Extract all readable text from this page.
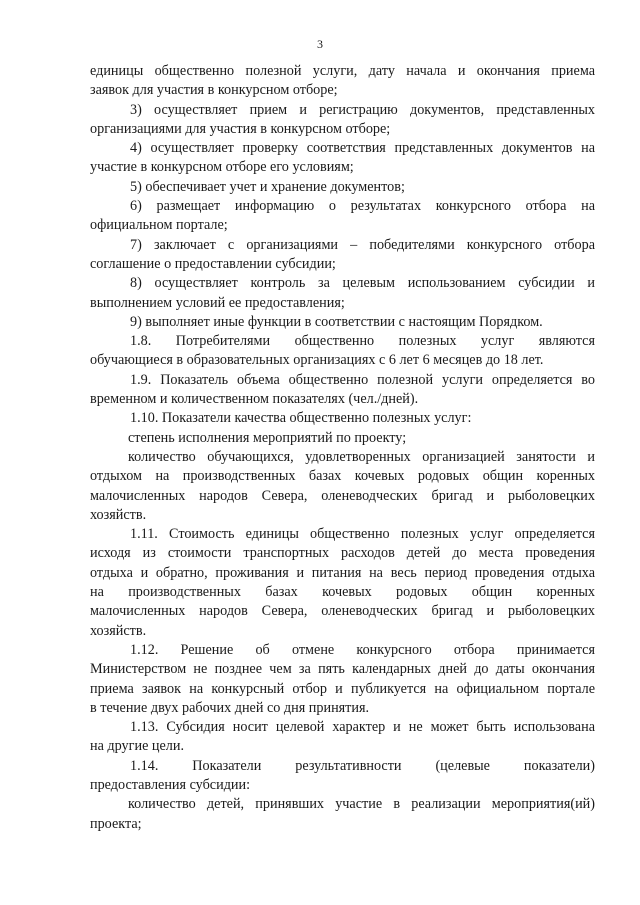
3
единицы общественно полезной услуги, дату начала и окончания приема
заявок для участия в конкурсном отборе;
3) осуществляет прием и регистрацию документов, представленных
организациями для участия в конкурсном отборе;
4) осуществляет проверку соответствия представленных документов на
участие в конкурсном отборе его условиям;
5) обеспечивает учет и хранение документов;
6) размещает информацию о результатах конкурсного отбора на
официальном портале;
7) заключает с организациями – победителями конкурсного отбора
соглашение о предоставлении субсидии;
8) осуществляет контроль за целевым использованием субсидии и
выполнением условий ее предоставления;
9) выполняет иные функции в соответствии с настоящим Порядком.
1.8. Потребителями общественно полезных услуг являются
обучающиеся в образовательных организациях с 6 лет 6 месяцев до 18 лет.
1.9. Показатель объема общественно полезной услуги определяется во
временном и количественном показателях (чел./дней).
1.10. Показатели качества общественно полезных услуг:
степень исполнения мероприятий по проекту;
количество обучающихся, удовлетворенных организацией занятости и
отдыхом на производственных базах кочевых родовых общин коренных
малочисленных народов Севера, оленеводческих бригад и рыболовецких
хозяйств.
1.11. Стоимость единицы общественно полезных услуг определяется
исходя из стоимости транспортных расходов детей до места проведения
отдыха и обратно, проживания и питания на весь период проведения отдыха
на производственных базах кочевых родовых общин коренных
малочисленных народов Севера, оленеводческих бригад и рыболовецких
хозяйств.
1.12. Решение об отмене конкурсного отбора принимается
Министерством не позднее чем за пять календарных дней до даты окончания
приема заявок на конкурсный отбор и публикуется на официальном портале
в течение двух рабочих дней со дня принятия.
1.13. Субсидия носит целевой характер и не может быть использована
на другие цели.
1.14. Показатели результативности (целевые показатели)
предоставления субсидии:
количество детей, принявших участие в реализации мероприятия(ий)
проекта;
